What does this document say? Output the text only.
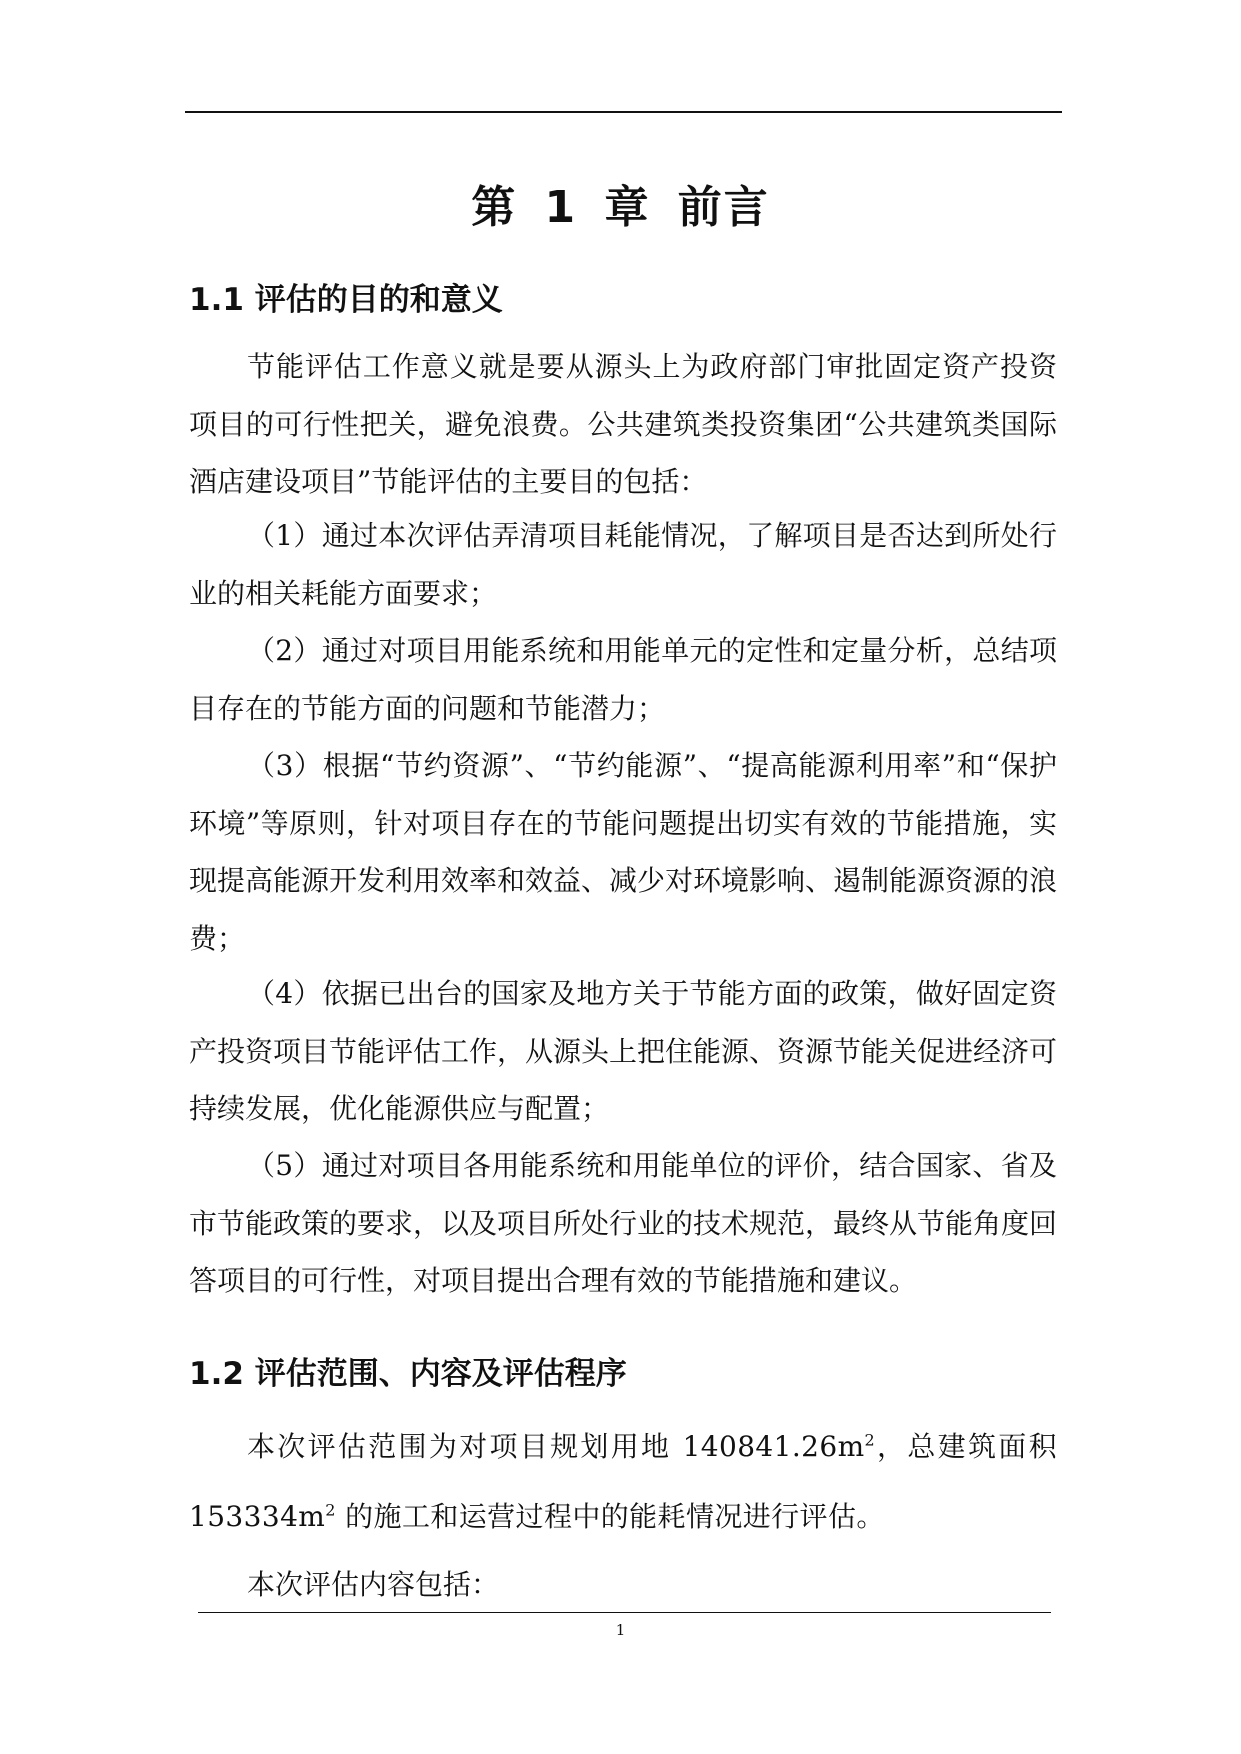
第 1 章 前言
1.1 评估的目的和意义

节能评估工作意义就是要从源头上为政府部门审批固定资产投资项目的可行性把关，避免浪费。公共建筑类投资集团“公共建筑类国际酒店建设项目”节能评估的主要目的包括：

（1）通过本次评估弄清项目耗能情况，了解项目是否达到所处行业的相关耗能方面要求；

（2）通过对项目用能系统和用能单元的定性和定量分析，总结项目存在的节能方面的问题和节能潜力；

（3）根据“节约资源”、“节约能源”、“提高能源利用率”和“保护环境”等原则，针对项目存在的节能问题提出切实有效的节能措施，实现提高能源开发利用效率和效益、减少对环境影响、遏制能源资源的浪费；

（4）依据已出台的国家及地方关于节能方面的政策，做好固定资产投资项目节能评估工作，从源头上把住能源、资源节能关促进经济可持续发展，优化能源供应与配置；

（5）通过对项目各用能系统和用能单位的评价，结合国家、省及市节能政策的要求，以及项目所处行业的技术规范，最终从节能角度回答项目的可行性，对项目提出合理有效的节能措施和建议。

1.2 评估范围、内容及评估程序

本次评估范围为对项目规划用地 $140841.26m^2$，总建筑面积 $153334m^2$ 的施工和运营过程中的能耗情况进行评估。

本次评估内容包括：

1
